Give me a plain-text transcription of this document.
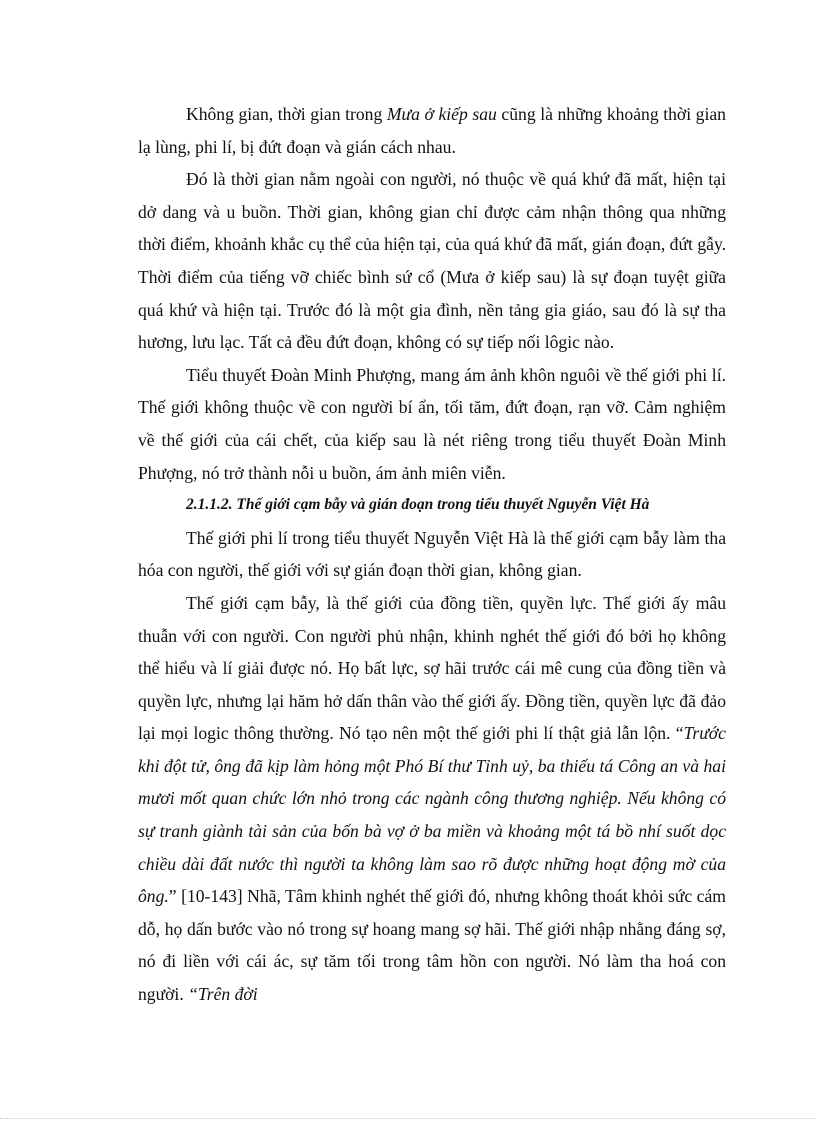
Không gian, thời gian trong Mưa ở kiếp sau cũng là những khoảng thời gian lạ lùng, phi lí, bị đứt đoạn và gián cách nhau.

Đó là thời gian nằm ngoài con người, nó thuộc về quá khứ đã mất, hiện tại dở dang và u buồn. Thời gian, không gian chỉ được cảm nhận thông qua những thời điểm, khoảnh khắc cụ thể của hiện tại, của quá khứ đã mất, gián đoạn, đứt gẫy. Thời điểm của tiếng vỡ chiếc bình sứ cổ (Mưa ở kiếp sau) là sự đoạn tuyệt giữa quá khứ và hiện tại. Trước đó là một gia đình, nền tảng gia giáo, sau đó là sự tha hương, lưu lạc. Tất cả đều đứt đoạn, không có sự tiếp nối lôgic nào.

Tiểu thuyết Đoàn Minh Phượng, mang ám ảnh khôn nguôi về thế giới phi lí. Thế giới không thuộc về con người bí ẩn, tối tăm, đứt đoạn, rạn vỡ. Cảm nghiệm về thế giới của cái chết, của kiếp sau là nét riêng trong tiểu thuyết Đoàn Minh Phượng, nó trở thành nỗi u buồn, ám ảnh miên viễn.

2.1.1.2. Thế giới cạm bẫy và gián đoạn trong tiểu thuyết Nguyễn Việt Hà

Thế giới phi lí trong tiểu thuyết Nguyễn Việt Hà là thế giới cạm bẫy làm tha hóa con người, thế giới với sự gián đoạn thời gian, không gian.

Thế giới cạm bẫy, là thế giới của đồng tiền, quyền lực. Thế giới ấy mâu thuẫn với con người. Con người phủ nhận, khinh nghét thế giới đó bởi họ không thể hiểu và lí giải được nó. Họ bất lực, sợ hãi trước cái mê cung của đồng tiền và quyền lực, nhưng lại hăm hở dấn thân vào thế giới ấy. Đồng tiền, quyền lực đã đảo lại mọi logic thông thường. Nó tạo nên một thế giới phi lí thật giả lẫn lộn. “Trước khi đột tử, ông đã kịp làm hỏng một Phó Bí thư Tỉnh uỷ, ba thiếu tá Công an và hai mươi mốt quan chức lớn nhỏ trong các ngành công thương nghiệp. Nếu không có sự tranh giành tài sản của bốn bà vợ ở ba miền và khoảng một tá bồ nhí suốt dọc chiều dài đất nước thì người ta không làm sao rõ được những hoạt động mờ của ông.” [10-143] Nhã, Tâm khinh nghét thế giới đó, nhưng không thoát khỏi sức cám dỗ, họ dấn bước vào nó trong sự hoang mang sợ hãi. Thế giới nhập nhằng đáng sợ, nó đi liền với cái ác, sự tăm tối trong tâm hồn con người. Nó làm tha hoá con người. “Trên đời
